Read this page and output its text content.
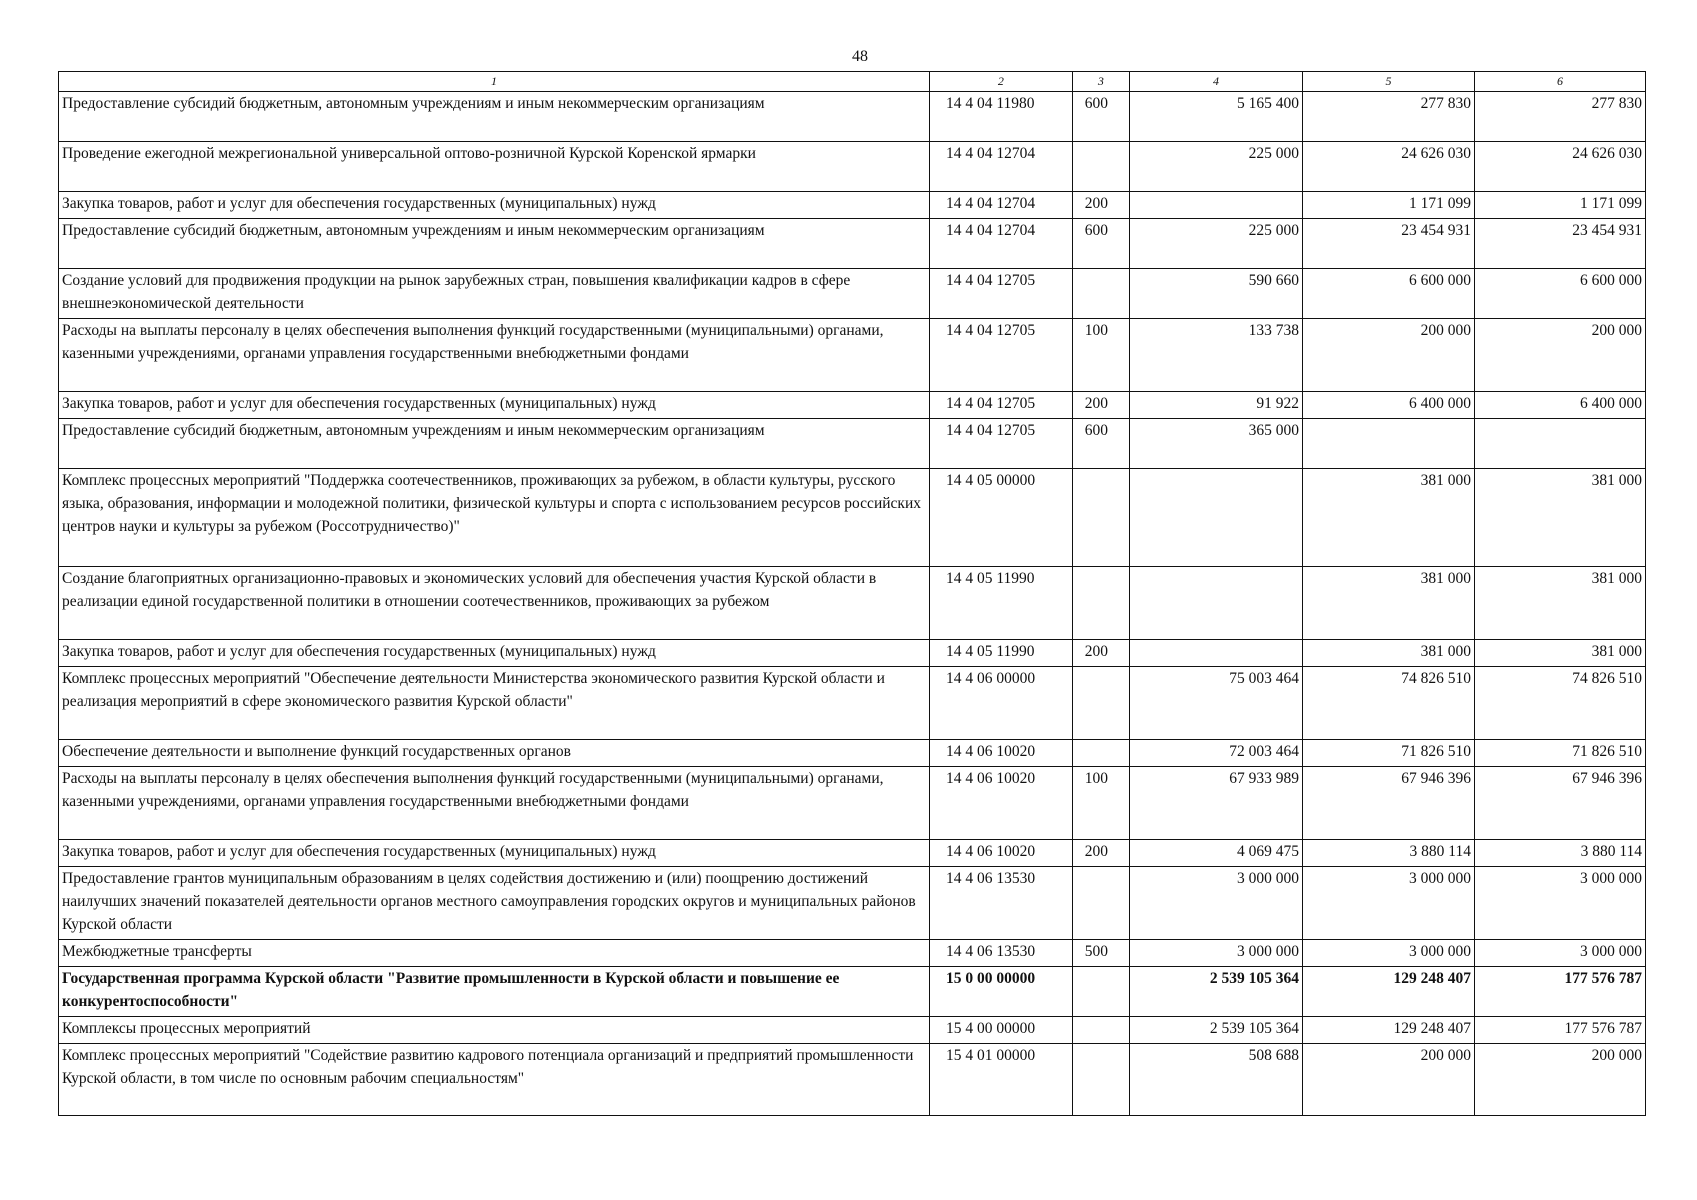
48
1	2	3	4	5	6
Предоставление субсидий бюджетным, автономным учреждениям и иным некоммерческим организациям	14 4 04 11980	600	5 165 400	277 830	277 830
Проведение ежегодной межрегиональной универсальной оптово-розничной Курской Коренской ярмарки	14 4 04 12704		225 000	24 626 030	24 626 030
Закупка товаров, работ и услуг для обеспечения государственных (муниципальных) нужд	14 4 04 12704	200		1 171 099	1 171 099
Предоставление субсидий бюджетным, автономным учреждениям и иным некоммерческим организациям	14 4 04 12704	600	225 000	23 454 931	23 454 931
Создание условий для продвижения продукции на рынок зарубежных стран, повышения квалификации кадров в сфере внешнеэкономической деятельности	14 4 04 12705		590 660	6 600 000	6 600 000
Расходы на выплаты персоналу в целях обеспечения выполнения функций государственными (муниципальными) органами, казенными учреждениями, органами управления государственными внебюджетными фондами	14 4 04 12705	100	133 738	200 000	200 000
Закупка товаров, работ и услуг для обеспечения государственных (муниципальных) нужд	14 4 04 12705	200	91 922	6 400 000	6 400 000
Предоставление субсидий бюджетным, автономным учреждениям и иным некоммерческим организациям	14 4 04 12705	600	365 000		
Комплекс процессных мероприятий "Поддержка соотечественников, проживающих за рубежом, в области культуры, русского языка, образования, информации и молодежной политики, физической культуры и спорта с использованием ресурсов российских центров науки и культуры за рубежом (Россотрудничество)"	14 4 05 00000			381 000	381 000
Создание благоприятных организационно-правовых и экономических условий для обеспечения участия Курской области в реализации единой государственной политики в отношении соотечественников, проживающих за рубежом	14 4 05 11990			381 000	381 000
Закупка товаров, работ и услуг для обеспечения государственных (муниципальных) нужд	14 4 05 11990	200		381 000	381 000
Комплекс процессных мероприятий "Обеспечение деятельности Министерства экономического развития Курской области и реализация мероприятий в сфере экономического развития Курской области"	14 4 06 00000		75 003 464	74 826 510	74 826 510
Обеспечение деятельности и выполнение функций государственных органов	14 4 06 10020		72 003 464	71 826 510	71 826 510
Расходы на выплаты персоналу в целях обеспечения выполнения функций государственными (муниципальными) органами, казенными учреждениями, органами управления государственными внебюджетными фондами	14 4 06 10020	100	67 933 989	67 946 396	67 946 396
Закупка товаров, работ и услуг для обеспечения государственных (муниципальных) нужд	14 4 06 10020	200	4 069 475	3 880 114	3 880 114
Предоставление грантов муниципальным образованиям в целях содействия достижению и (или) поощрению достижений наилучших значений показателей деятельности органов местного самоуправления городских округов и муниципальных районов Курской области	14 4 06 13530		3 000 000	3 000 000	3 000 000
Межбюджетные трансферты	14 4 06 13530	500	3 000 000	3 000 000	3 000 000
Государственная программа Курской области "Развитие промышленности в Курской области и повышение ее конкурентоспособности"	15 0 00 00000		2 539 105 364	129 248 407	177 576 787
Комплексы процессных мероприятий	15 4 00 00000		2 539 105 364	129 248 407	177 576 787
Комплекс процессных мероприятий "Содействие развитию кадрового потенциала организаций и предприятий промышленности Курской области, в том числе по основным рабочим специальностям"	15 4 01 00000		508 688	200 000	200 000
